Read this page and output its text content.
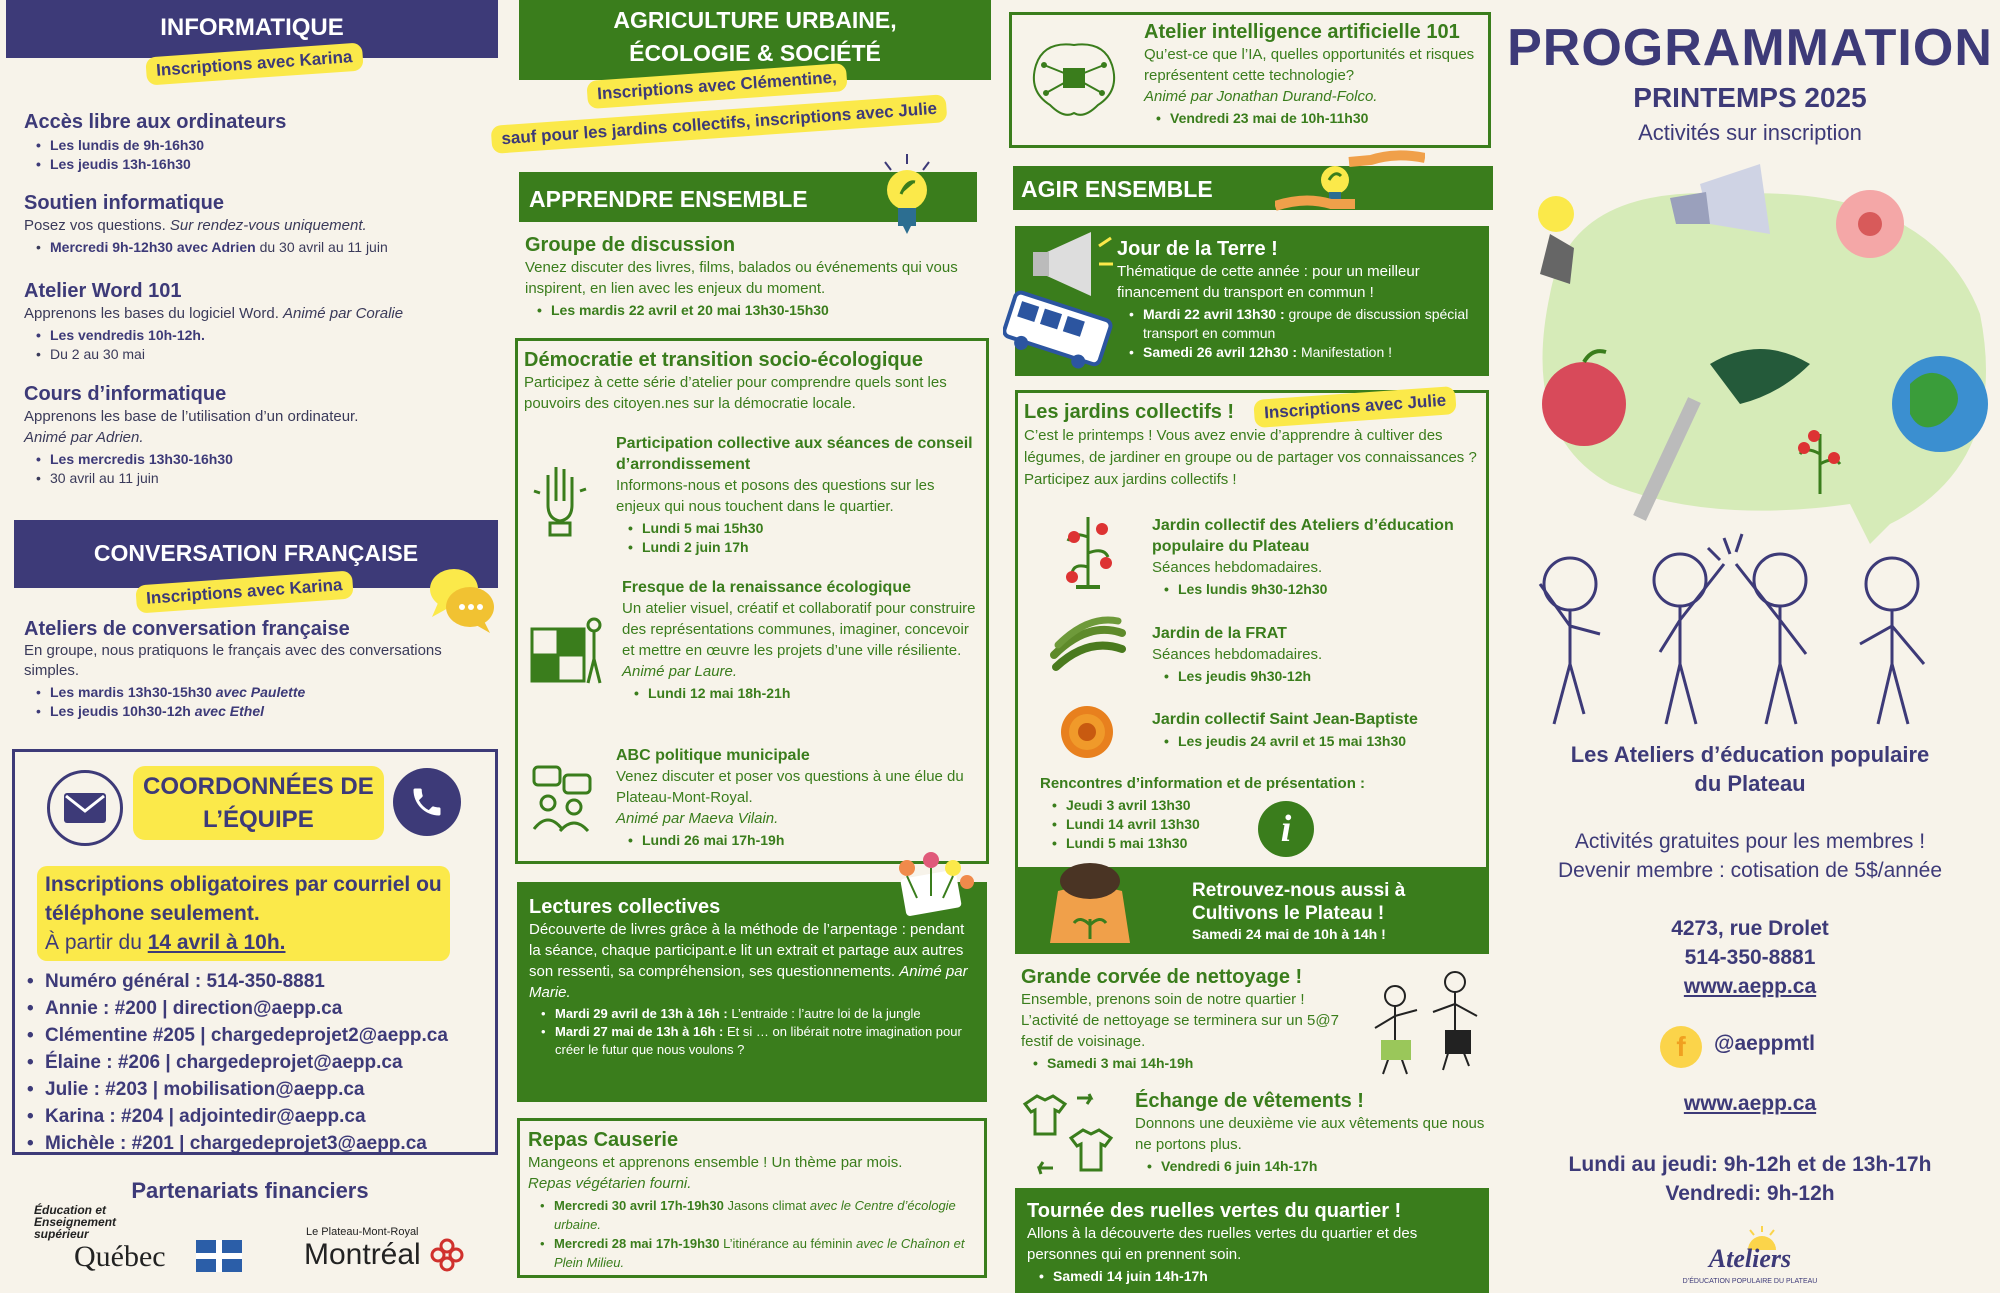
INFORMATIQUE
Inscriptions avec Karina
Accès libre aux ordinateurs
• Les lundis de 9h-16h30
• Les jeudis 13h-16h30
Soutien informatique

Posez vos questions. Sur rendez-vous uniquement.

• Mercredi 9h-12h30 avec Adrien du 30 avril au 11 juin
Atelier Word 101

Apprenons les bases du logiciel Word. Animé par Coralie

• Les vendredis 10h-12h.
• Du 2 au 30 mai
Cours d’informatique

Apprenons les base de l’utilisation d’un ordinateur.

Animé par Adrien.

• Les mercredis 13h30-16h30
• 30 avril au 11 juin
CONVERSATION FRANÇAISE
Inscriptions avec Karina
Ateliers de conversation française

En groupe, nous pratiquons le français avec des conversations simples.

• Les mardis 13h30-15h30 avec Paulette
• Les jeudis 10h30-12h avec Ethel
COORDONNÉES DE
L’ÉQUIPE
Inscriptions obligatoires par courriel ou
téléphone seulement.
À partir du 14 avril à 10h.
• Numéro général : 514-350-8881
• Annie : #200 | direction@aepp.ca
• Clémentine #205 | chargedeprojet2@aepp.ca
• Élaine : #206 | chargedeprojet@aepp.ca
• Julie : #203 | mobilisation@aepp.ca
• Karina : #204 | adjointedir@aepp.ca
• Michèle : #201 | chargedeprojet3@aepp.ca
Partenariats financiers
Éducation et Enseignement supérieur
Québec
Le Plateau-Mont-Royal
Montréal
AGRICULTURE URBAINE,
ÉCOLOGIE & SOCIÉTÉ
Inscriptions avec Clémentine,
sauf pour les jardins collectifs, inscriptions avec Julie
APPRENDRE ENSEMBLE
Groupe de discussion

Venez discuter des livres, films, balados ou événements qui vous inspirent, en lien avec les enjeux du moment.

• Les mardis 22 avril et 20 mai 13h30-15h30
Démocratie et transition socio-écologique

Participez à cette série d’atelier pour comprendre quels sont les pouvoirs des citoyen.nes sur la démocratie locale.

Participation collective aux séances de conseil d’arrondissement

Informons-nous et posons des questions sur les enjeux qui nous touchent dans le quartier.

• Lundi 5 mai 15h30
• Lundi 2 juin 17h
Fresque de la renaissance écologique

Un atelier visuel, créatif et collaboratif pour construire des représentations communes, imaginer, concevoir et mettre en œuvre les projets d’une ville résiliente.

Animé par Laure.

• Lundi 12 mai 18h-21h
ABC politique municipale

Venez discuter et poser vos questions à une élue du Plateau-Mont-Royal.

Animé par Maeva Vilain.

• Lundi 26 mai 17h-19h
Lectures collectives

Découverte de livres grâce à la méthode de l’arpentage : pendant la séance, chaque participant.e lit un extrait et partage aux autres son ressenti, sa compréhension, ses questionnements. Animé par Marie.

• Mardi 29 avril de 13h à 16h : L’entraide : l’autre loi de la jungle
• Mardi 27 mai de 13h à 16h : Et si … on libérait notre imagination pour créer le futur que nous voulons ?
Repas Causerie

Mangeons et apprenons ensemble ! Un thème par mois.

Repas végétarien fourni.

• Mercredi 30 avril 17h-19h30 Jasons climat avec le Centre d’écologie urbaine.
• Mercredi 28 mai 17h-19h30 L’itinérance au féminin avec le Chaînon et Plein Milieu.
Atelier intelligence artificielle 101

Qu’est-ce que l’IA, quelles opportunités et risques représentent cette technologie?

Animé par Jonathan Durand-Folco.

• Vendredi 23 mai de 10h-11h30
AGIR ENSEMBLE
Jour de la Terre !

Thématique de cette année : pour un meilleur financement du transport en commun !

• Mardi 22 avril 13h30 : groupe de discussion spécial transport en commun
• Samedi 26 avril 12h30 : Manifestation !
Les jardins collectifs !	Inscriptions avec Julie

C’est le printemps ! Vous avez envie d’apprendre à cultiver des légumes, de jardiner en groupe ou de partager vos connaissances ? Participez aux jardins collectifs !

Jardin collectif des Ateliers d’éducation populaire du Plateau

Séances hebdomadaires.

• Les lundis 9h30-12h30
Jardin de la FRAT

Séances hebdomadaires.

• Les jeudis 9h30-12h
Jardin collectif Saint Jean-Baptiste
• Les jeudis 24 avril et 15 mai 13h30
Rencontres d’information et de présentation :
• Jeudi 3 avril 13h30
• Lundi 14 avril 13h30
• Lundi 5 mai 13h30	i
Retrouvez-nous aussi à
Cultivons le Plateau !
Samedi 24 mai de 10h à 14h !
Grande corvée de nettoyage !

Ensemble, prenons soin de notre quartier ! L’activité de nettoyage se terminera sur un 5@7 festif de voisinage.

• Samedi 3 mai 14h-19h
Échange de vêtements !

Donnons une deuxième vie aux vêtements que nous ne portons plus.

• Vendredi 6 juin 14h-17h
Tournée des ruelles vertes du quartier !

Allons à la découverte des ruelles vertes du quartier et des personnes qui en prennent soin.

• Samedi 14 juin 14h-17h
PROGRAMMATION
PRINTEMPS 2025
Activités sur inscription
Les Ateliers d’éducation populaire
du Plateau
Activités gratuites pour les membres !
Devenir membre : cotisation de 5$/année
4273, rue Drolet
514-350-8881
www.aepp.ca
f	@aeppmtl
www.aepp.ca
Lundi au jeudi: 9h-12h et de 13h-17h
Vendredi: 9h-12h
Ateliers
D’ÉDUCATION POPULAIRE DU PLATEAU
